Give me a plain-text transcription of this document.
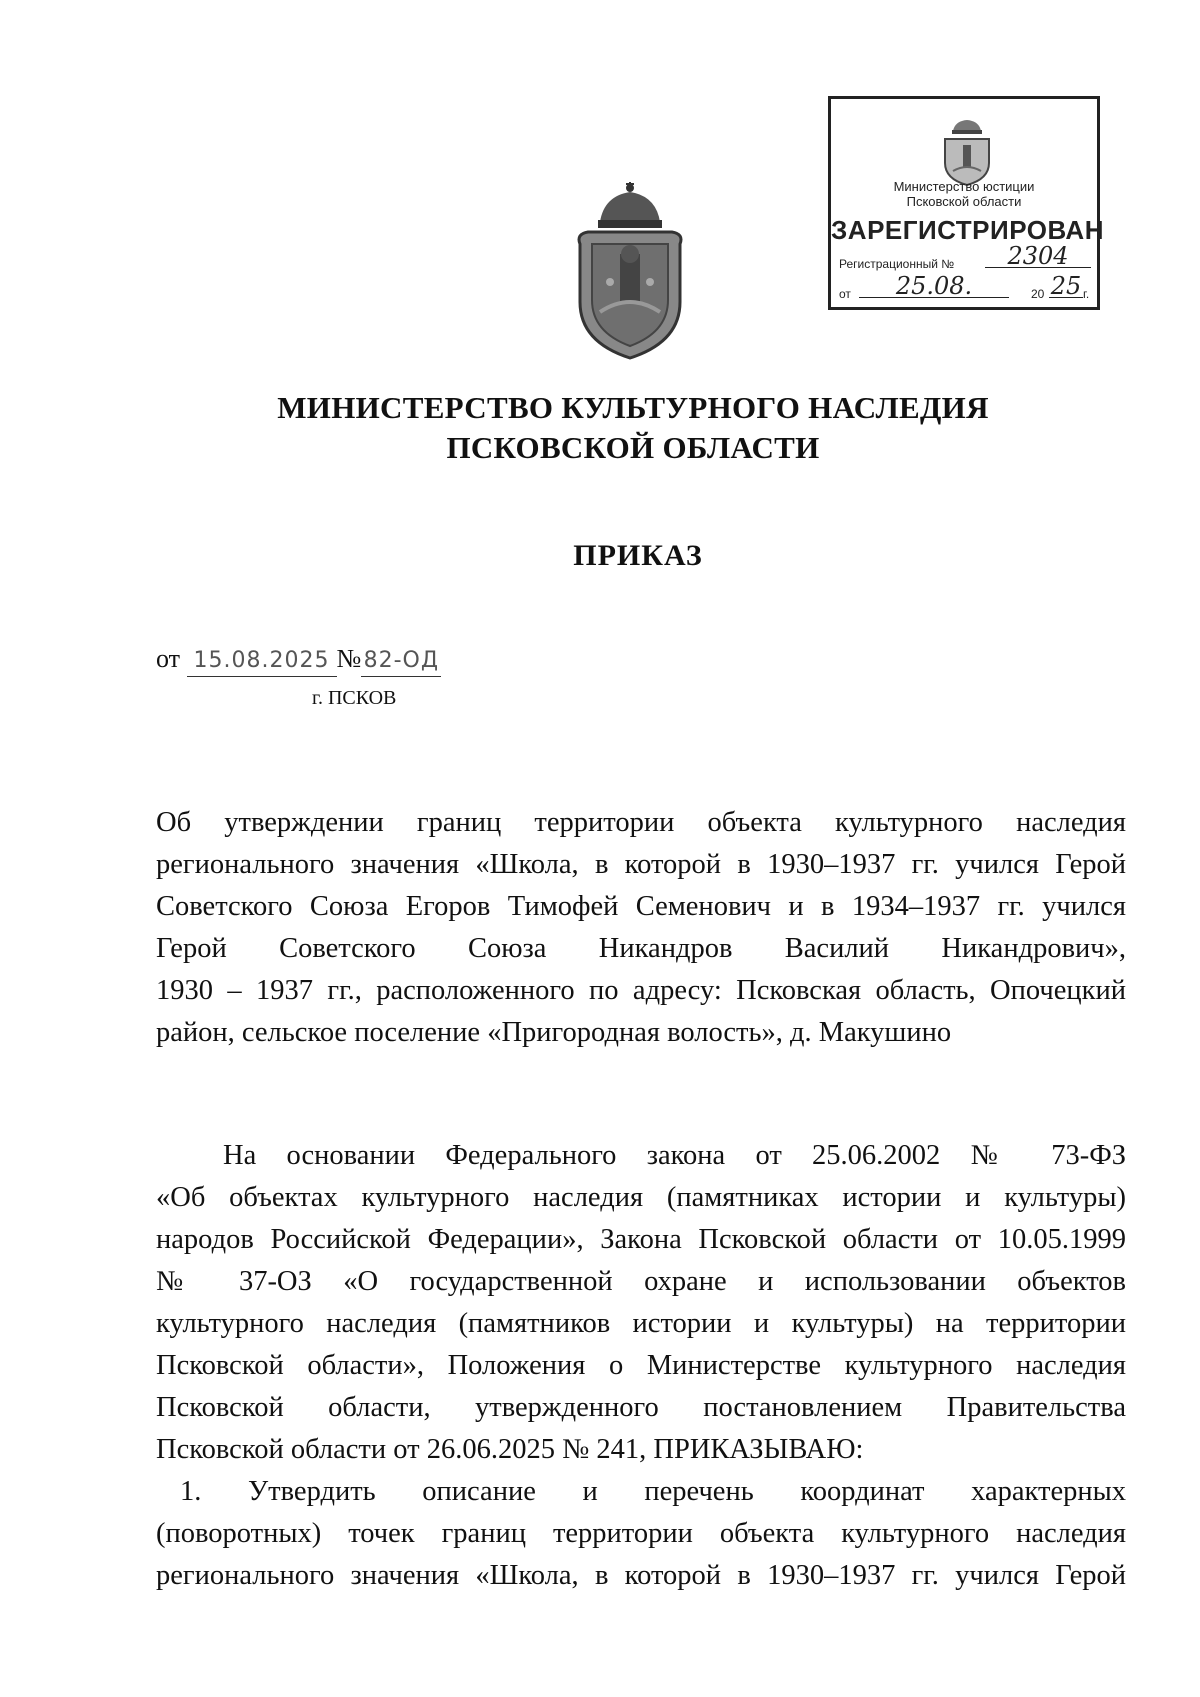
Министерство юстиции
Псковской области
ЗАРЕГИСТРИРОВАН
Регистрационный №	2304
от	25.08.	20 25 г.
МИНИСТЕРСТВО КУЛЬТУРНОГО НАСЛЕДИЯ
ПСКОВСКОЙ ОБЛАСТИ
ПРИКАЗ
от 15.08.2025 № 82-ОД
г. ПСКОВ
Об утверждении границ территории объекта культурного наследия
регионального значения «Школа, в которой в 1930–1937 гг. учился Герой
Советского Союза Егоров Тимофей Семенович и в 1934–1937 гг. учился
Герой Советского Союза Никандров Василий Никандрович»,
1930 – 1937 гг., расположенного по адресу: Псковская область, Опочецкий
район, сельское поселение «Пригородная волость», д. Макушино
На основании Федерального закона от 25.06.2002 № 73-ФЗ
«Об объектах культурного наследия (памятниках истории и культуры)
народов Российской Федерации», Закона Псковской области от 10.05.1999
№ 37-ОЗ «О государственной охране и использовании объектов
культурного наследия (памятников истории и культуры) на территории
Псковской области», Положения о Министерстве культурного наследия
Псковской области, утвержденного постановлением Правительства
Псковской области от 26.06.2025 № 241, ПРИКАЗЫВАЮ:
1. Утвердить описание и перечень координат характерных
(поворотных) точек границ территории объекта культурного наследия
регионального значения «Школа, в которой в 1930–1937 гг. учился Герой
